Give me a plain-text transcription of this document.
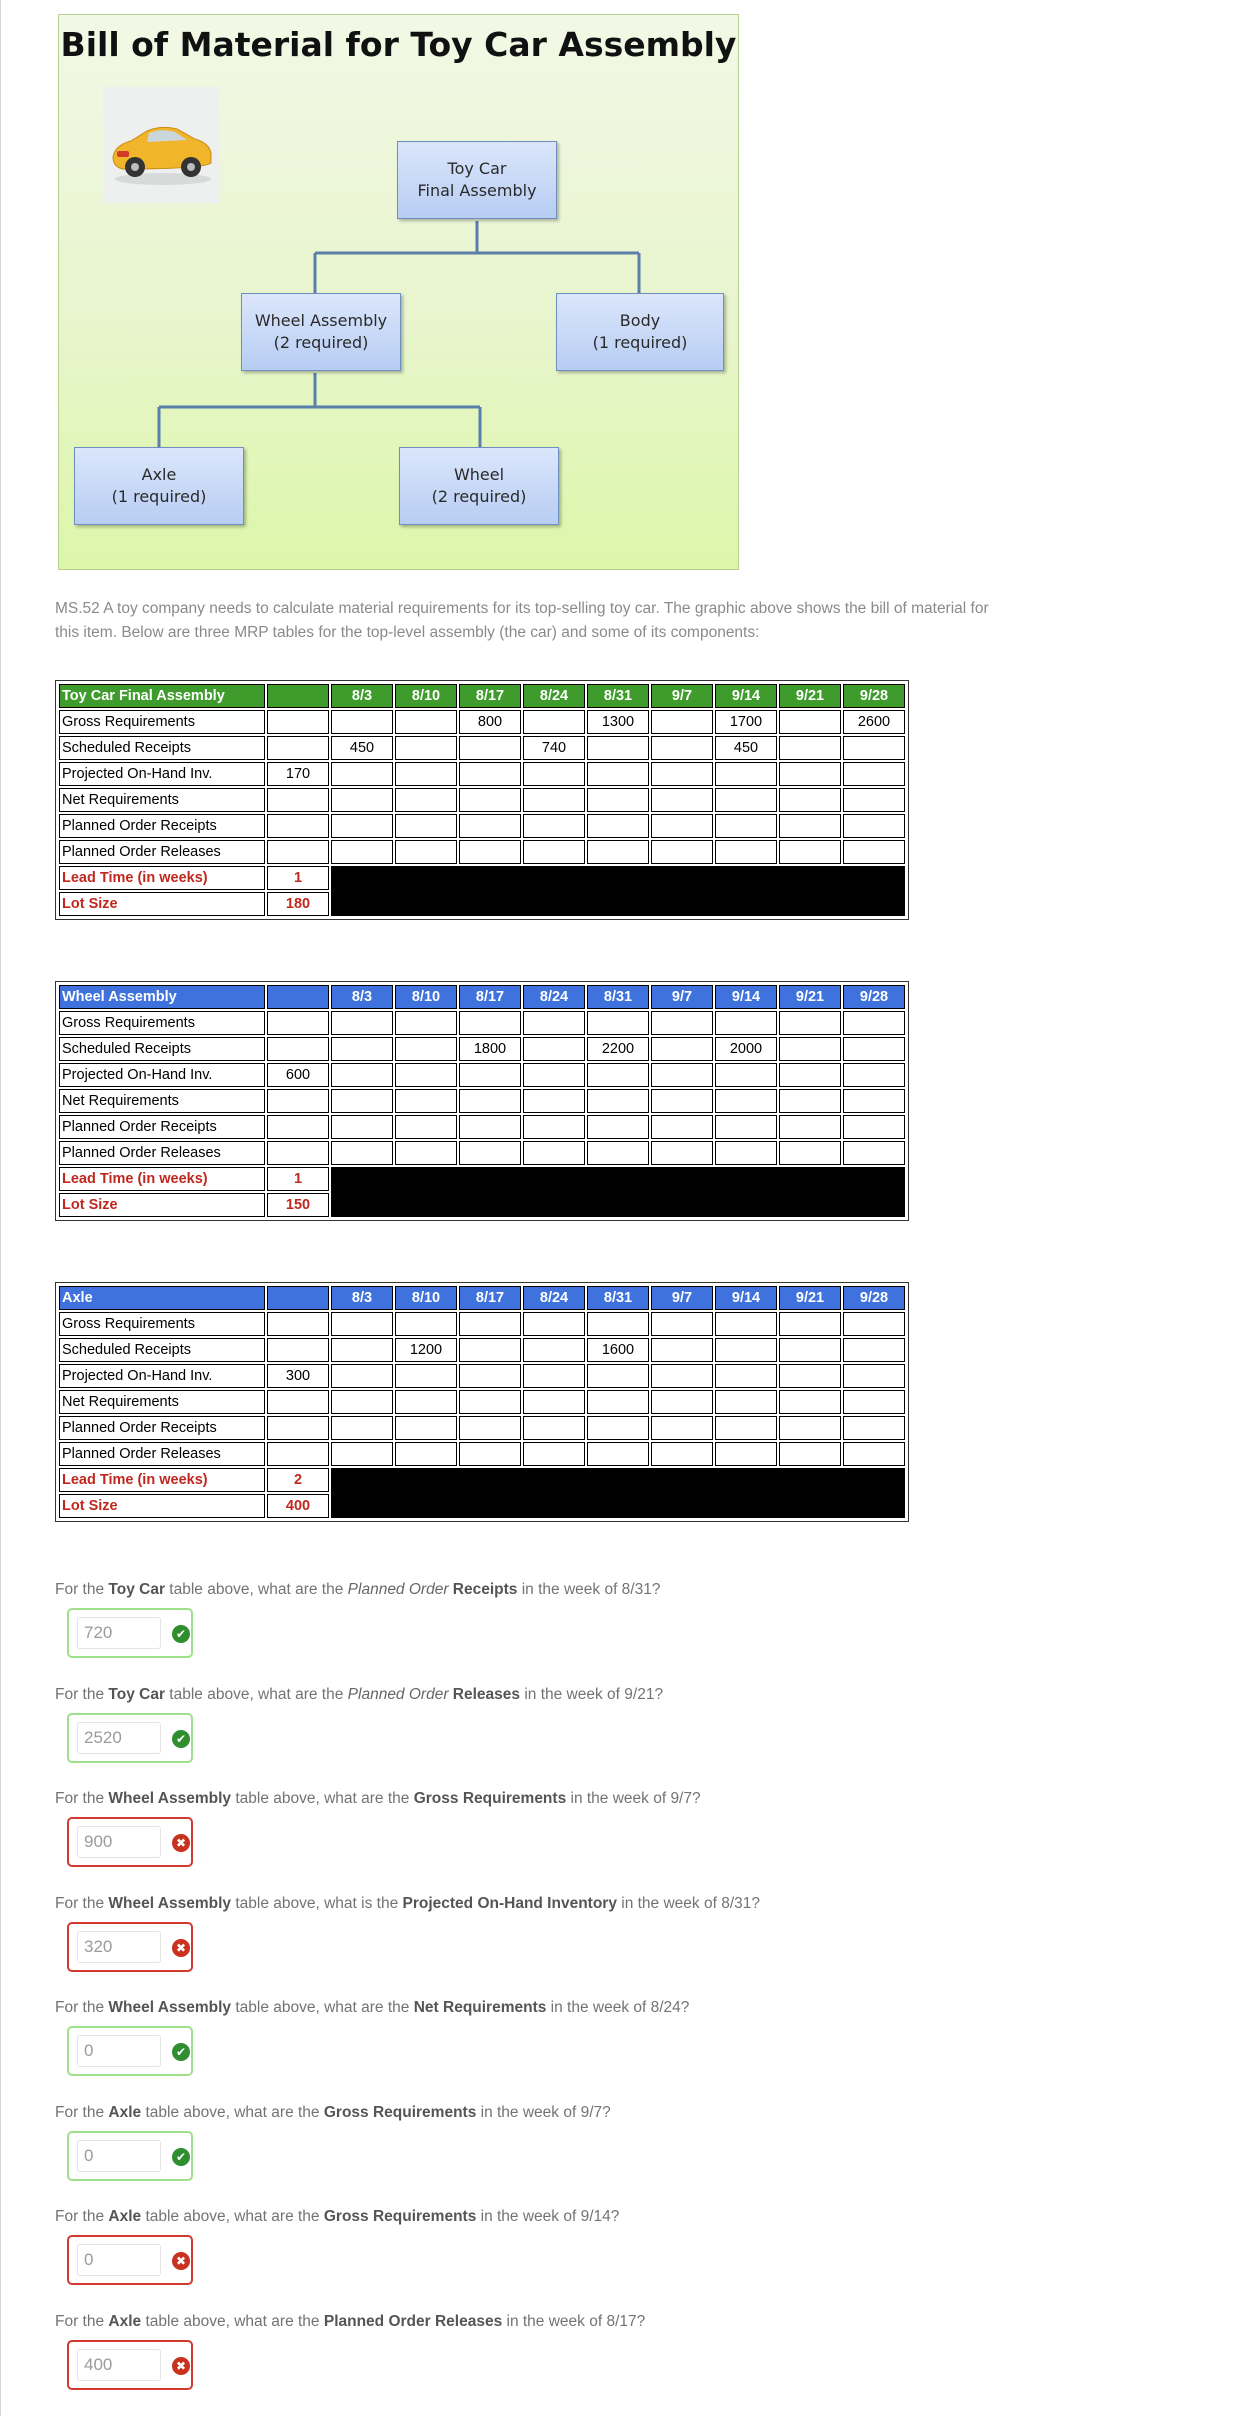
Bill of Material for Toy Car Assembly
Toy Car
Final Assembly
Wheel Assembly
(2 required)
Body
(1 required)
Axle
(1 required)
Wheel
(2 required)
MS.52 A toy company needs to calculate material requirements for its top-selling toy car. The graphic above shows the bill of material for this item. Below are three MRP tables for the top-level assembly (the car) and some of its components:
Toy Car Final Assembly		8/3	8/10	8/17	8/24	8/31	9/7	9/14	9/21	9/28
Gross Requirements				800		1300		1700		2600
Scheduled Receipts		450			740			450		
Projected On-Hand Inv.	170									
Net Requirements										
Planned Order Receipts										
Planned Order Releases										
Lead Time (in weeks)	1									
Lot Size	180									
Wheel Assembly		8/3	8/10	8/17	8/24	8/31	9/7	9/14	9/21	9/28
Gross Requirements										
Scheduled Receipts				1800		2200		2000		
Projected On-Hand Inv.	600									
Net Requirements										
Planned Order Receipts										
Planned Order Releases										
Lead Time (in weeks)	1									
Lot Size	150									
Axle		8/3	8/10	8/17	8/24	8/31	9/7	9/14	9/21	9/28
Gross Requirements										
Scheduled Receipts			1200			1600				
Projected On-Hand Inv.	300									
Net Requirements										
Planned Order Receipts										
Planned Order Releases										
Lead Time (in weeks)	2									
Lot Size	400									
For the Toy Car table above, what are the Planned Order Receipts in the week of 8/31?
720	✔
For the Toy Car table above, what are the Planned Order Releases in the week of 9/21?
2520	✔
For the Wheel Assembly table above, what are the Gross Requirements in the week of 9/7?
900	✖
For the Wheel Assembly table above, what is the Projected On-Hand Inventory in the week of 8/31?
320	✖
For the Wheel Assembly table above, what are the Net Requirements in the week of 8/24?
0	✔
For the Axle table above, what are the Gross Requirements in the week of 9/7?
0	✔
For the Axle table above, what are the Gross Requirements in the week of 9/14?
0	✖
For the Axle table above, what are the Planned Order Releases in the week of 8/17?
400	✖
